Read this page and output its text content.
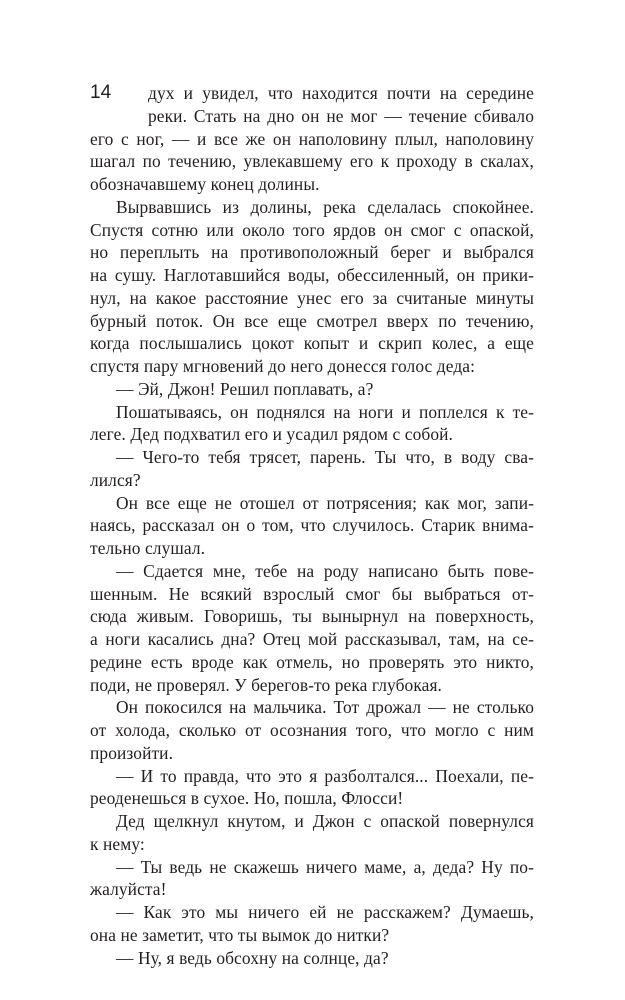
14	дух и увидел, что находится почти на середине
реки. Стать на дно он не мог — течение сбивало
его с ног, — и все же он наполовину плыл, наполовину
шагал по течению, увлекавшему его к проходу в скалах,
обозначавшему конец долины.
Вырвавшись из долины, река сделалась спокойнее.
Спустя сотню или около того ярдов он смог с опаской,
но переплыть на противоположный берег и выбрался
на сушу. Наглотавшийся воды, обессиленный, он прики-
нул, на какое расстояние унес его за считаные минуты
бурный поток. Он все еще смотрел вверх по течению,
когда послышались цокот копыт и скрип колес, а еще
спустя пару мгновений до него донесся голос деда:
— Эй, Джон! Решил поплавать, а?
Пошатываясь, он поднялся на ноги и поплелся к те-
леге. Дед подхватил его и усадил рядом с собой.
— Чего-то тебя трясет, парень. Ты что, в воду сва-
лился?
Он все еще не отошел от потрясения; как мог, запи-
наясь, рассказал он о том, что случилось. Старик внима-
тельно слушал.
— Сдается мне, тебе на роду написано быть пове-
шенным. Не всякий взрослый смог бы выбраться от-
сюда живым. Говоришь, ты вынырнул на поверхность,
а ноги касались дна? Отец мой рассказывал, там, на се-
редине есть вроде как отмель, но проверять это никто,
поди, не проверял. У берегов-то река глубокая.
Он покосился на мальчика. Тот дрожал — не столько
от холода, сколько от осознания того, что могло с ним
произойти.
— И то правда, что это я разболтался... Поехали, пе-
реоденешься в сухое. Но, пошла, Флосси!
Дед щелкнул кнутом, и Джон с опаской повернулся
к нему:
— Ты ведь не скажешь ничего маме, а, деда? Ну по-
жалуйста!
— Как это мы ничего ей не расскажем? Думаешь,
она не заметит, что ты вымок до нитки?
— Ну, я ведь обсохну на солнце, да?
